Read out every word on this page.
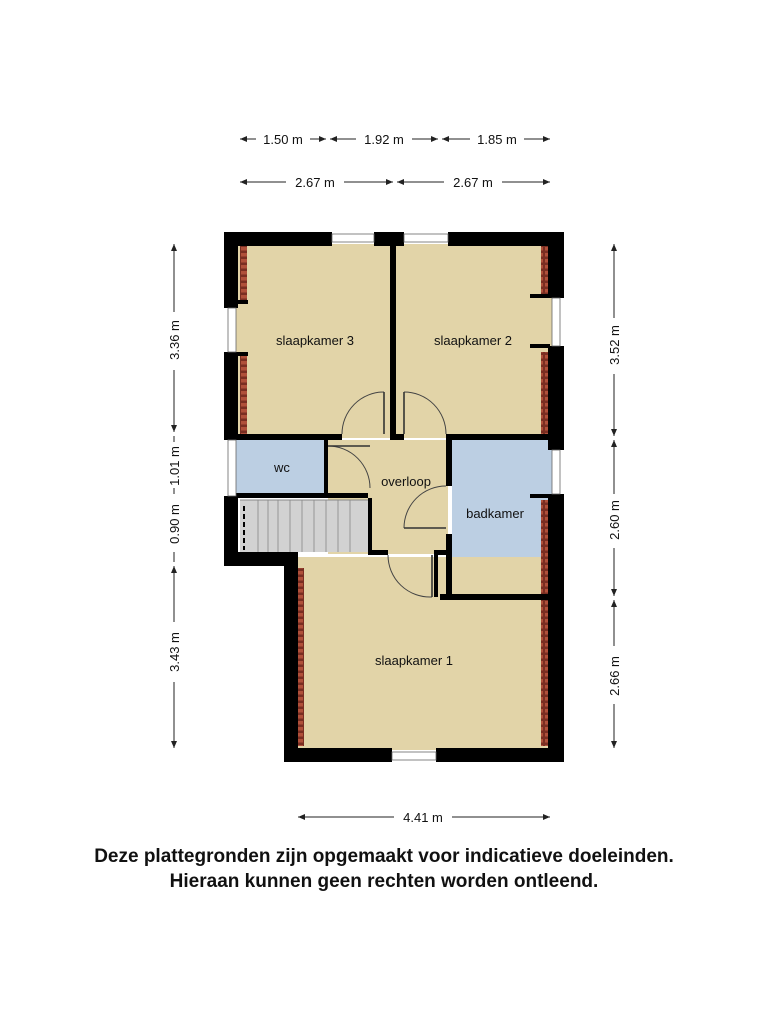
slaapkamer 3	slaapkamer 2
wc
overloop
badkamer
slaapkamer 1
1.50 m	1.92 m	1.85 m
2.67 m	2.67 m
3.36 m
1.01 m
0.90 m
3.43 m
3.52 m
2.60 m
2.66 m
4.41 m
Deze plattegronden zijn opgemaakt voor indicatieve doeleinden.
Hieraan kunnen geen rechten worden ontleend.
